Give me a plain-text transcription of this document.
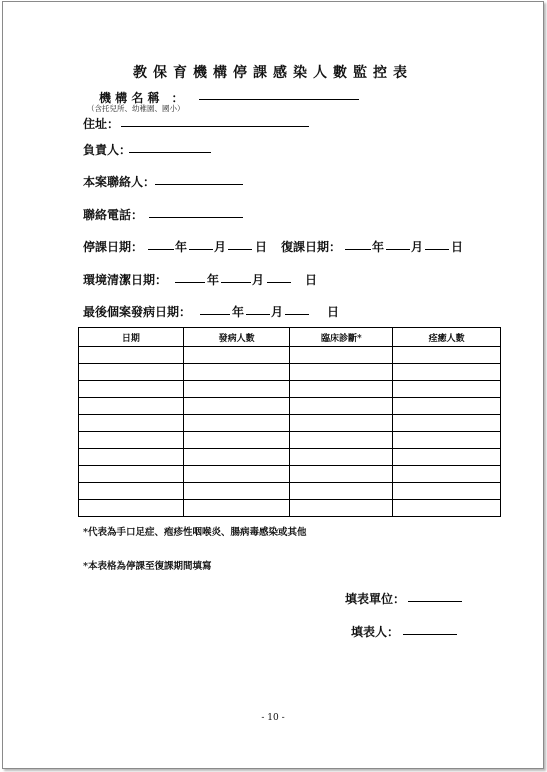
教保育機構停課感染人數監控表
機 構 名 稱　：
（含托兒所、幼稚園、國小）
住址：
負責人：
本案聯絡人：
聯絡電話：
停課日期：	年 月 日 復課日期：	年 月 日
環境清潔日期：	年	月	日
最後個案發病日期：	年 月	日
日期	發病人數	臨床診斷*	痊癒人數

*代表為手口足症、疱疹性咽喉炎、腸病毒感染或其他
*本表格為停課至復課期間填寫
填表單位：
填表人：
- 10 -
